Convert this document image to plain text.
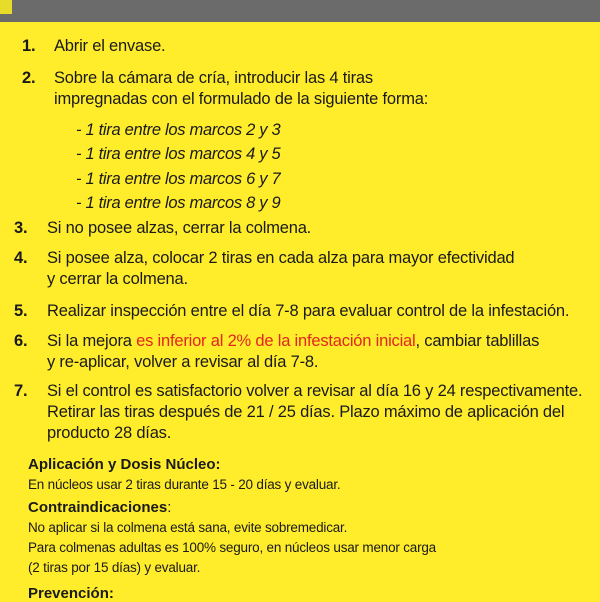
1. Abrir el envase.
2. Sobre la cámara de cría, introducir las 4 tiras
impregnadas con el formulado de la siguiente forma:
- 1 tira entre los marcos 2 y 3
- 1 tira entre los marcos 4 y 5
- 1 tira entre los marcos 6 y 7
- 1 tira entre los marcos 8 y 9
3. Si no posee alzas, cerrar la colmena.
4. Si posee alza, colocar 2 tiras en cada alza para mayor efectividad
y cerrar la colmena.
5. Realizar inspección entre el día 7-8 para evaluar control de la infestación.
6. Si la mejora es inferior al 2% de la infestación inicial, cambiar tablillas
y re-aplicar, volver a revisar al día 7-8.
7. Si el control es satisfactorio volver a revisar al día 16 y 24 respectivamente.
Retirar las tiras después de 21 / 25 días. Plazo máximo de aplicación del
producto 28 días.
Aplicación y Dosis Núcleo:
En núcleos usar 2 tiras durante 15 - 20 días y evaluar.
Contraindicaciones:
No aplicar si la colmena está sana, evite sobremedicar.
Para colmenas adultas es 100% seguro, en núcleos usar menor carga
(2 tiras por 15 días) y evaluar.
Prevención:
